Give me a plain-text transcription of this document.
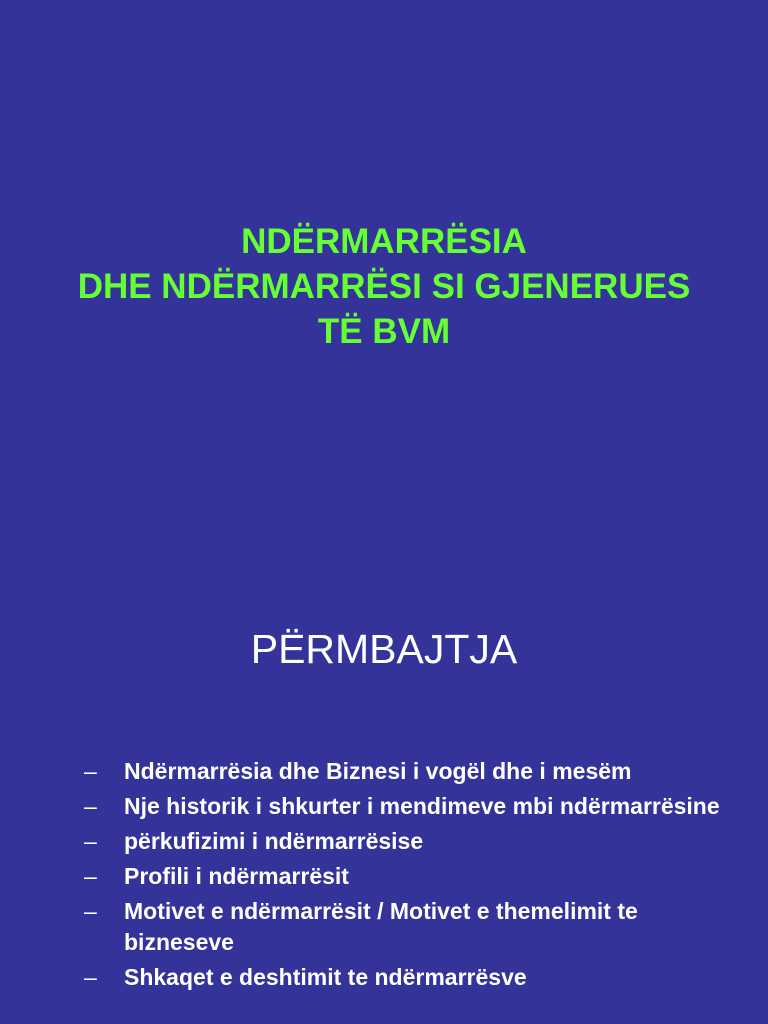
NDËRMARRËSIA
DHE NDËRMARRËSI SI GJENERUES
TË BVM
PËRMBAJTJA
– Ndërmarrësia dhe Biznesi i vogël dhe i mesëm
– Nje historik i shkurter i mendimeve mbi ndërmarrësine
– përkufizimi i ndërmarrësise
– Profili i ndërmarrësit
– Motivet e ndërmarrësit / Motivet e themelimit te bizneseve
– Shkaqet e deshtimit te ndërmarrësve
